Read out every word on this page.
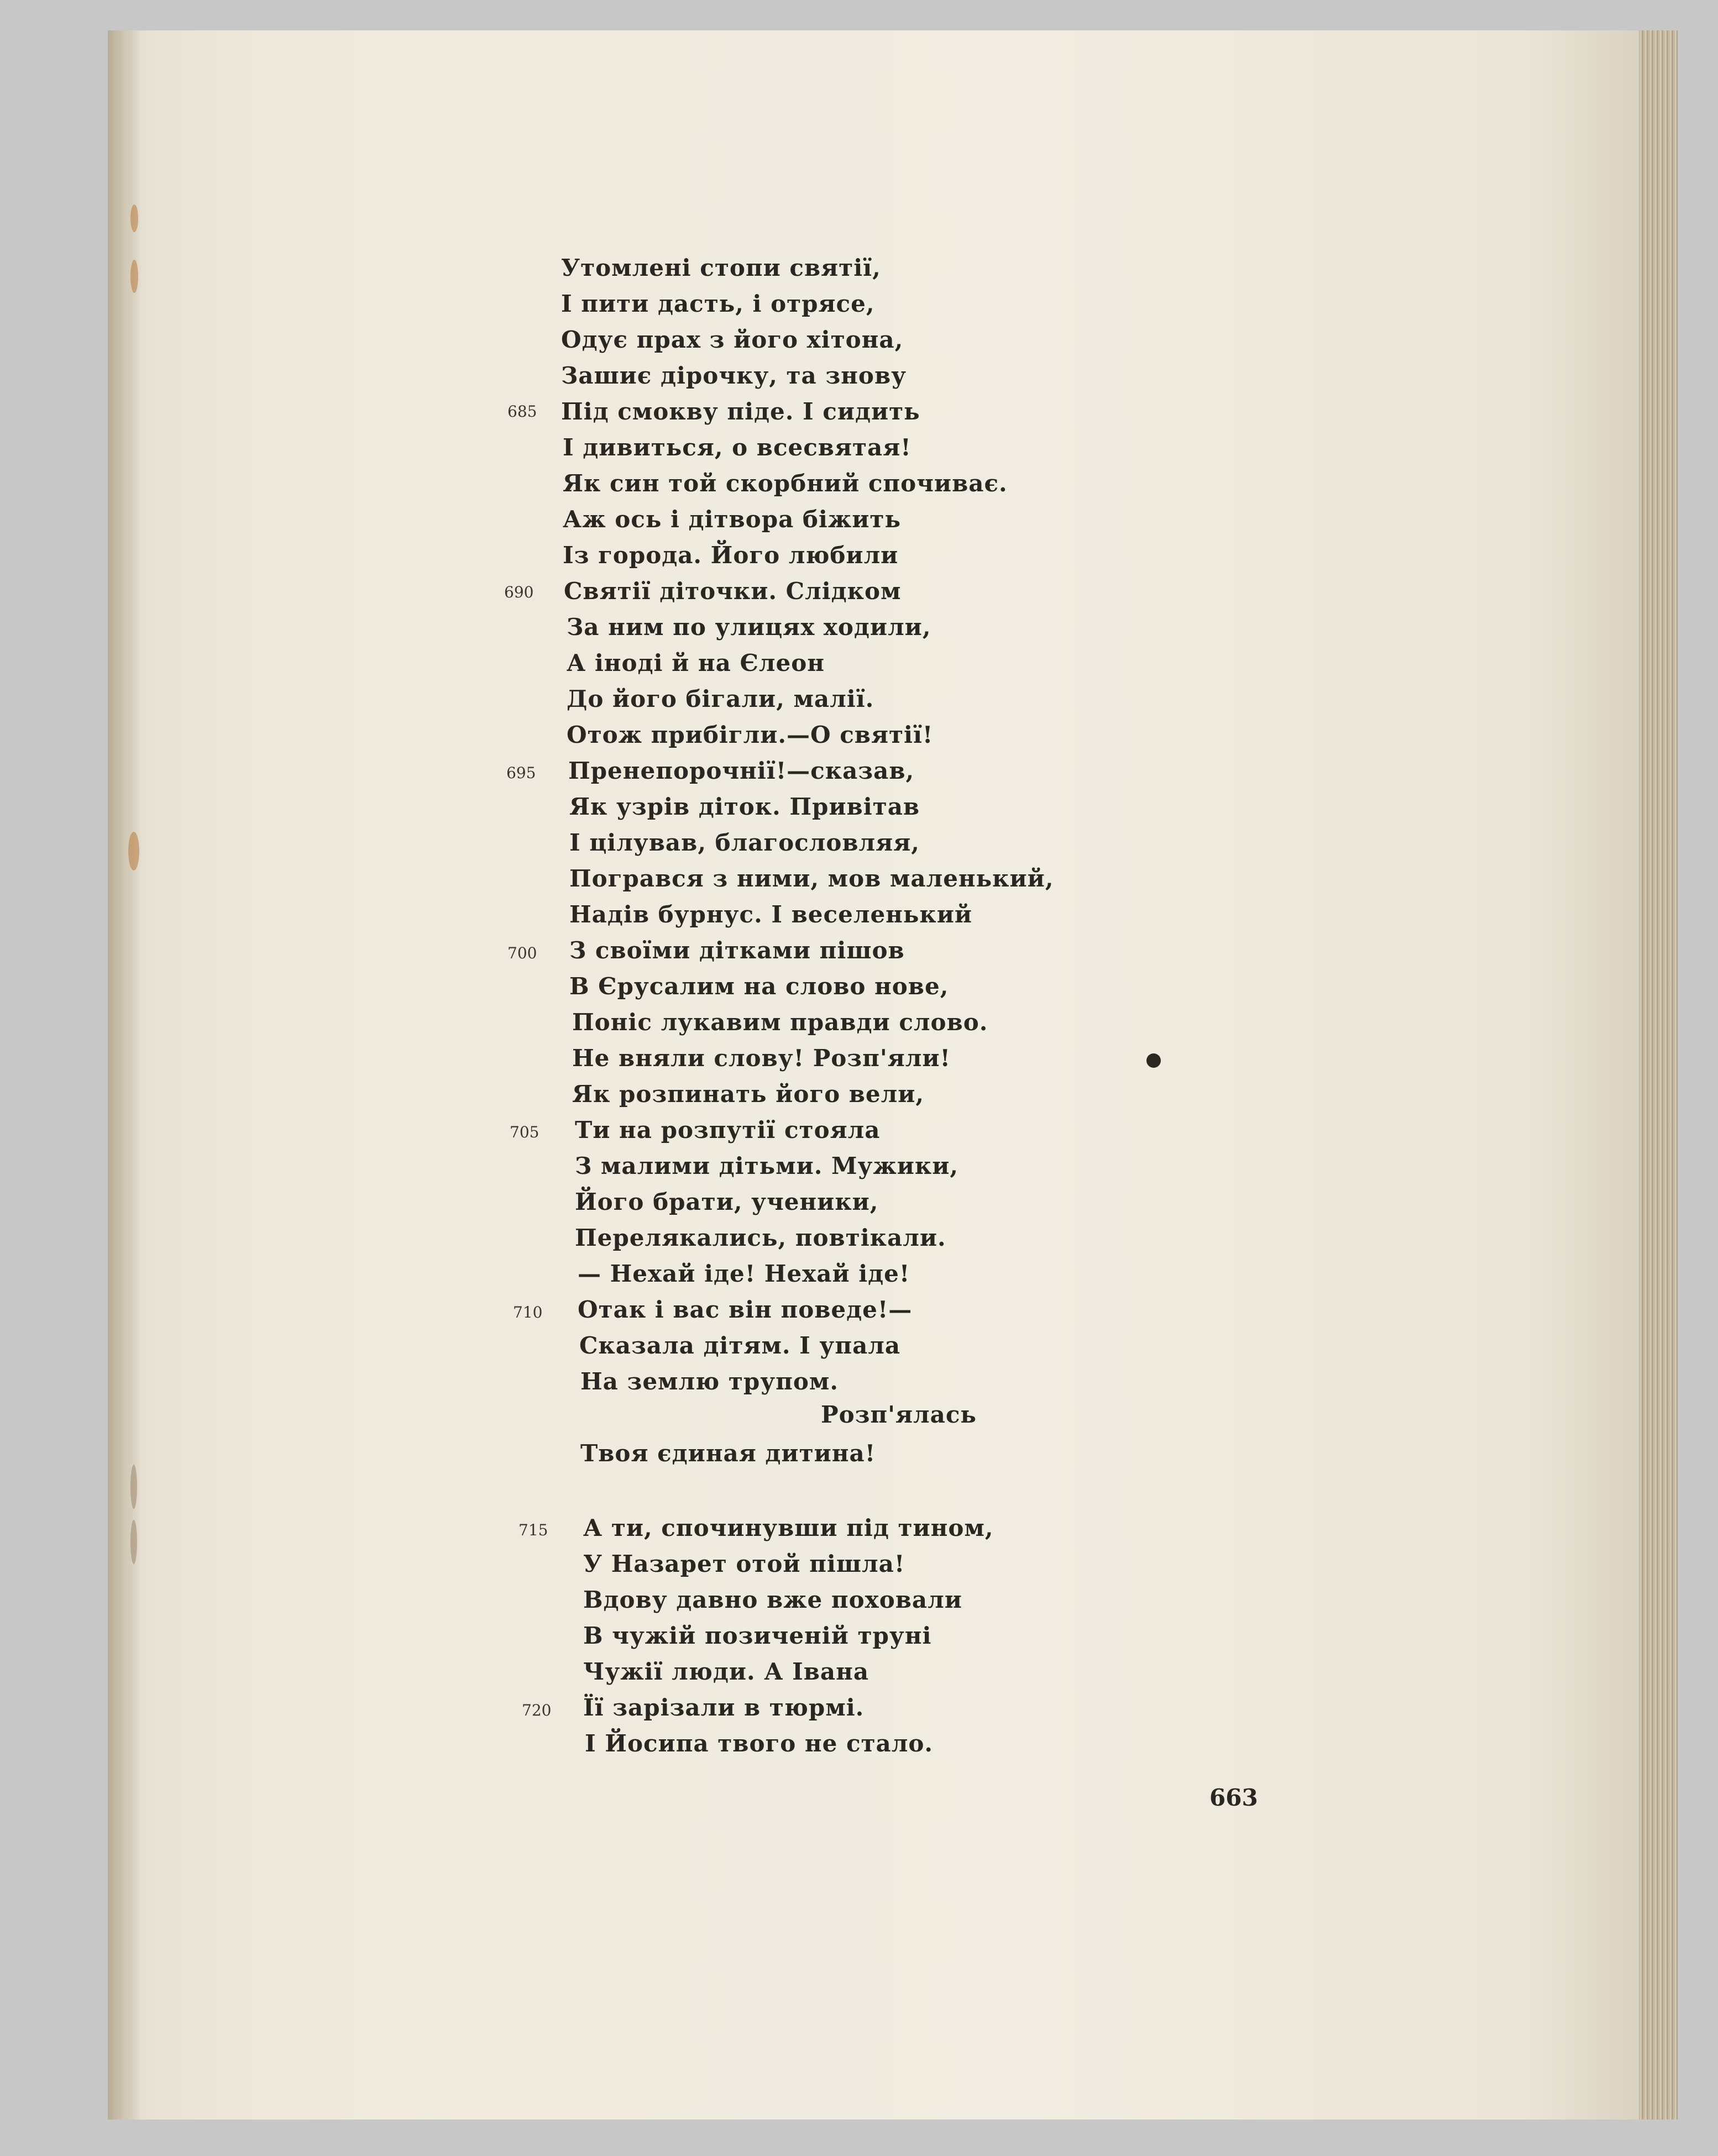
Утомлені стопи святії,
І пити дасть, і отрясе,
Одує прах з його хітона,
Зашиє дірочку, та знову
685 Під смокву піде. І сидить
І дивиться, о всесвятая!
Як син той скорбний спочиває.
Аж ось і дітвора біжить
Із города. Його любили
690 Святії діточки. Слідком
За ним по улицях ходили,
А іноді й на Єлеон
До його бігали, малії.
Отож прибігли.—О святії!
695 Пренепорочнії!—сказав,
Як узрів діток. Привітав
І цілував, благословляя,
Погрався з ними, мов маленький,
Надів бурнус. І веселенький
700 З своїми дітками пішов
В Єрусалим на слово нове,
Поніс лукавим правди слово.
Не вняли слову! Розп'яли!
Як розпинать його вели,
705 Ти на розпутії стояла
З малими дітьми. Мужики,
Його брати, ученики,
Перелякались, повтікали.
— Нехай іде! Нехай іде!
710 Отак і вас він поведе!—
Сказала дітям. І упала
На землю трупом.
Розп'ялась
Твоя єдиная дитина!
715 А ти, спочинувши під тином,
У Назарет отой пішла!
Вдову давно вже поховали
В чужій позиченій труні
Чужії люди. А Івана
720 Її зарізали в тюрмі.
І Йосипа твого не стало.
663
